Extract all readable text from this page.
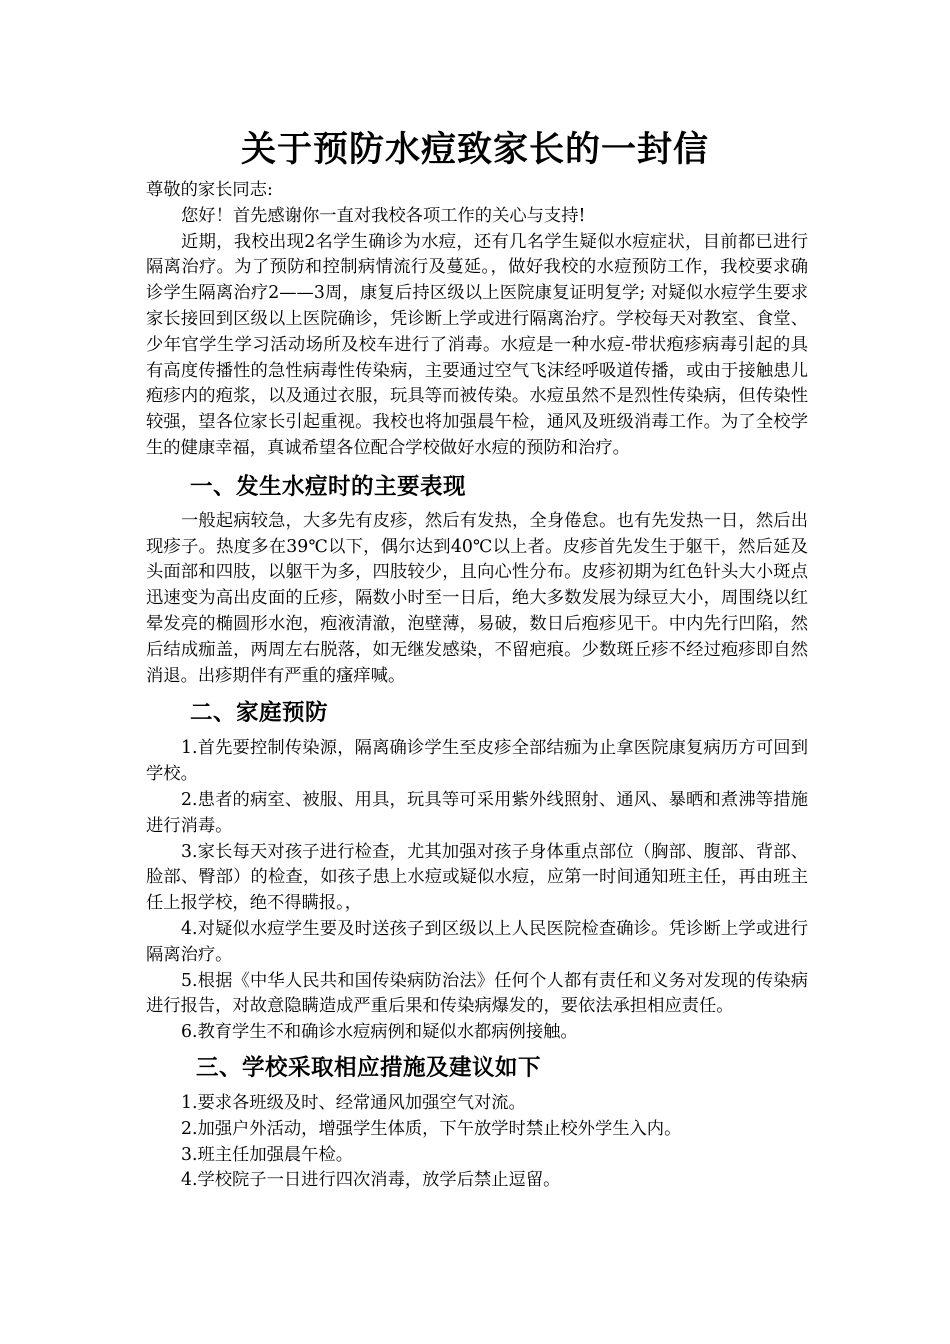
关于预防水痘致家长的一封信

尊敬的家长同志:

您好！首先感谢你一直对我校各项工作的关心与支持!

近期，我校出现2名学生确诊为水痘，还有几名学生疑似水痘症状，目前都已进行隔离治疗。为了预防和控制病情流行及蔓延。，做好我校的水痘预防工作，我校要求确诊学生隔离治疗2——3周，康复后持区级以上医院康复证明复学; 对疑似水痘学生要求家长接回到区级以上医院确诊，凭诊断上学或进行隔离治疗。学校每天对教室、食堂、少年官学生学习活动场所及校车进行了消毒。水痘是一种水痘-带状疱疹病毒引起的具有高度传播性的急性病毒性传染病，主要通过空气飞沫经呼吸道传播，或由于接触患儿疱疹内的疱浆，以及通过衣服，玩具等而被传染。水痘虽然不是烈性传染病，但传染性较强，望各位家长引起重视。我校也将加强晨午检，通风及班级消毒工作。为了全校学生的健康幸福，真诚希望各位配合学校做好水痘的预防和治疗。

一、发生水痘时的主要表现

一般起病较急，大多先有皮疹，然后有发热，全身倦怠。也有先发热一日，然后出现疹子。热度多在39℃以下，偶尔达到40℃以上者。皮疹首先发生于躯干，然后延及头面部和四肢，以躯干为多，四肢较少，且向心性分布。皮疹初期为红色针头大小斑点迅速变为高出皮面的丘疹，隔数小时至一日后，绝大多数发展为绿豆大小，周围绕以红晕发亮的椭圆形水泡，疱液清澈，泡壁薄，易破，数日后疱疹见干。中内先行凹陷，然后结成痂盖，两周左右脱落，如无继发感染，不留疤痕。少数斑丘疹不经过疱疹即自然消退。出疹期伴有严重的瘙痒喊。

二、家庭预防

1.首先要控制传染源，隔离确诊学生至皮疹全部结痂为止拿医院康复病历方可回到学校。

2.患者的病室、被服、用具，玩具等可采用紫外线照射、通风、暴晒和煮沸等措施进行消毒。

3.家长每天对孩子进行检查，尤其加强对孩子身体重点部位（胸部、腹部、背部、脸部、臀部）的检查，如孩子患上水痘或疑似水痘，应第一时间通知班主任，再由班主任上报学校，绝不得瞒报。，

4.对疑似水痘学生要及时送孩子到区级以上人民医院检查确诊。凭诊断上学或进行隔离治疗。

5.根据《中华人民共和国传染病防治法》任何个人都有责任和义务对发现的传染病进行报告，对故意隐瞒造成严重后果和传染病爆发的，要依法承担相应责任。

6.教育学生不和确诊水痘病例和疑似水都病例接触。

三、学校采取相应措施及建议如下

1.要求各班级及时、经常通风加强空气对流。

2.加强户外活动，增强学生体质，下午放学时禁止校外学生入内。

3.班主任加强晨午检。

4.学校院子一日进行四次消毒，放学后禁止逗留。
